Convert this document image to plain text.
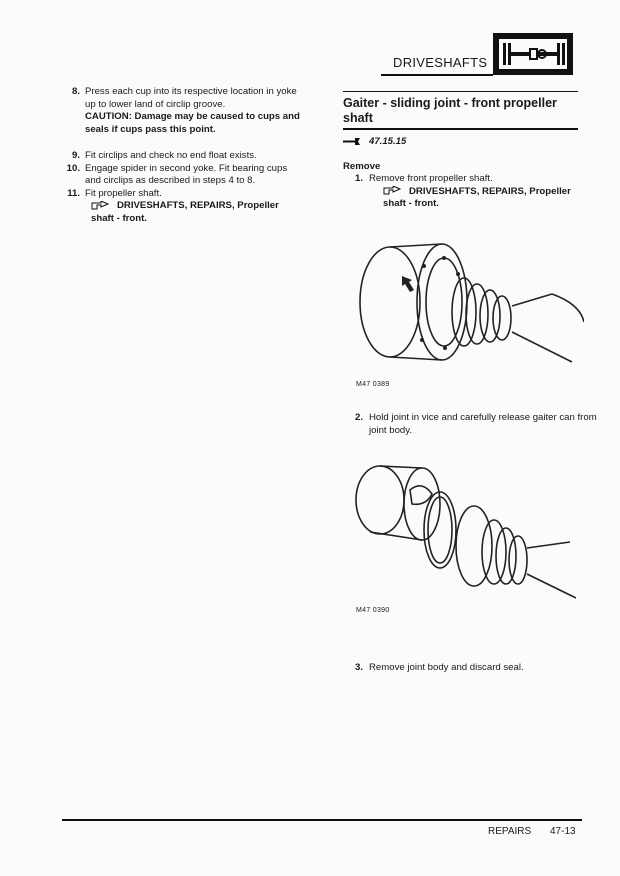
DRIVESHAFTS
8. Press each cup into its respective location in yoke up to lower land of circlip groove.
CAUTION: Damage may be caused to cups and seals if cups pass this point.
9. Fit circlips and check no end float exists.
10. Engage spider in second yoke. Fit bearing cups and circlips as described in steps 4 to 8.
11. Fit propeller shaft.
DRIVESHAFTS, REPAIRS, Propeller shaft - front.
Gaiter - sliding joint - front propeller shaft
47.15.15
Remove
1. Remove front propeller shaft.
DRIVESHAFTS, REPAIRS, Propeller shaft - front.
M47 0389
2. Hold joint in vice and carefully release gaiter can from joint body.
M47 0390
3. Remove joint body and discard seal.
REPAIRS 47-13
